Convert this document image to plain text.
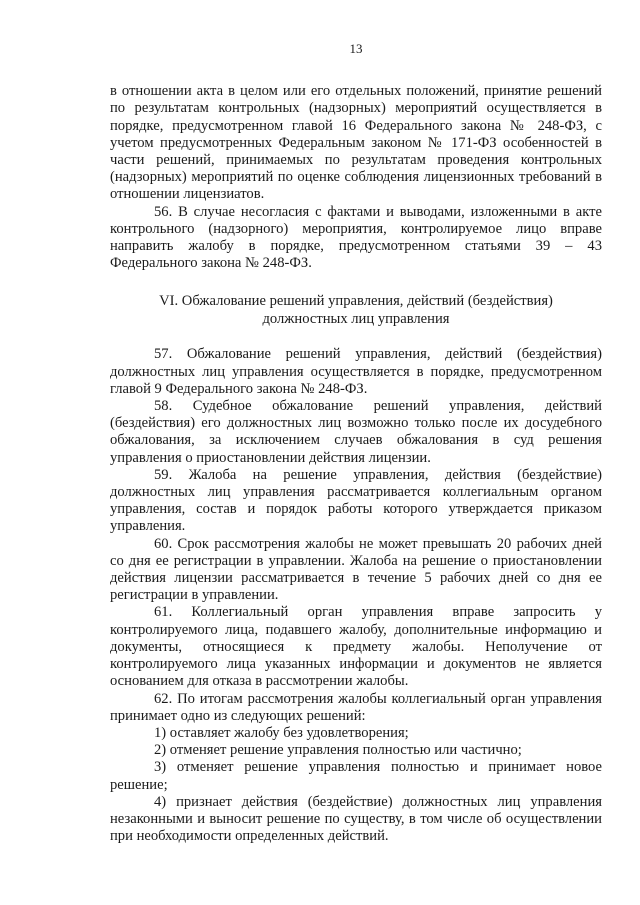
13

в отношении акта в целом или его отдельных положений, принятие решений по результатам контрольных (надзорных) мероприятий осуществляется в порядке, предусмотренном главой 16 Федерального закона № 248-ФЗ, с учетом предусмотренных Федеральным законом № 171-ФЗ особенностей в части решений, принимаемых по результатам проведения контрольных (надзорных) мероприятий по оценке соблюдения лицензионных требований в отношении лицензиатов.

56. В случае несогласия с фактами и выводами, изложенными в акте контрольного (надзорного) мероприятия, контролируемое лицо вправе направить жалобу в порядке, предусмотренном статьями 39 – 43 Федерального закона № 248-ФЗ.

VI. Обжалование решений управления, действий (бездействия)
должностных лиц управления

57. Обжалование решений управления, действий (бездействия) должностных лиц управления осуществляется в порядке, предусмотренном главой 9 Федерального закона № 248-ФЗ.

58. Судебное обжалование решений управления, действий (бездействия) его должностных лиц возможно только после их досудебного обжалования, за исключением случаев обжалования в суд решения управления о приостановлении действия лицензии.

59. Жалоба на решение управления, действия (бездействие) должностных лиц управления рассматривается коллегиальным органом управления, состав и порядок работы которого утверждается приказом управления.

60. Срок рассмотрения жалобы не может превышать 20 рабочих дней со дня ее регистрации в управлении. Жалоба на решение о приостановлении действия лицензии рассматривается в течение 5 рабочих дней со дня ее регистрации в управлении.

61. Коллегиальный орган управления вправе запросить у контролируемого лица, подавшего жалобу, дополнительные информацию и документы, относящиеся к предмету жалобы. Неполучение от контролируемого лица указанных информации и документов не является основанием для отказа в рассмотрении жалобы.

62. По итогам рассмотрения жалобы коллегиальный орган управления принимает одно из следующих решений:

1) оставляет жалобу без удовлетворения;

2) отменяет решение управления полностью или частично;

3) отменяет решение управления полностью и принимает новое решение;

4) признает действия (бездействие) должностных лиц управления незаконными и выносит решение по существу, в том числе об осуществлении при необходимости определенных действий.
